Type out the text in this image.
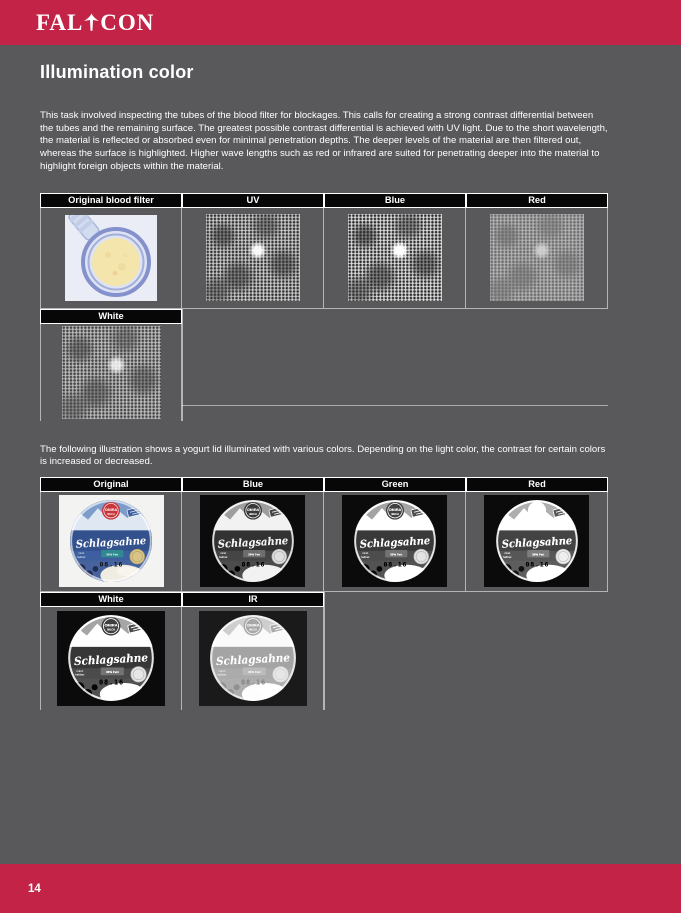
FAL CON
Illumination color

This task involved inspecting the tubes of the blood filter for blockages. This calls for creating a strong contrast differential between the tubes and the remaining surface. The greatest possible contrast differential is achieved with UV light. Due to the short wavelength, the material is reflected or absorbed even for minimal penetration depths. The deeper levels of the material are then filtered out, whereas the surface is highlighted. Higher wave lengths such as red or infrared are suited for penetrating deeper into the material to highlight foreign objects within the material.

Original blood filter	UV	Blue	Red
White

The following illustration shows a yogurt lid illuminated with various colors. Depending on the light color, the contrast for certain colors is increased or decreased.

Original	Blue	Green	Red
30% Fett
OMIRA
MILCH
Schlagsahne
mind.
haltbar:
08.16
30% Fett
OMIRA
MILCH
Schlagsahne
mind.
haltbar:
08.16
30% Fett
OMIRA
MILCH
Schlagsahne
mind.
haltbar:
08.16
30% Fett
Schlagsahne
mind.
haltbar:
08.16
White	IR
30% Fett
OMIRA
MILCH
Schlagsahne
mind.
haltbar:
08.16
30% Fett
OMIRA
MILCH
Schlagsahne
mind.
haltbar:
08.16
14
